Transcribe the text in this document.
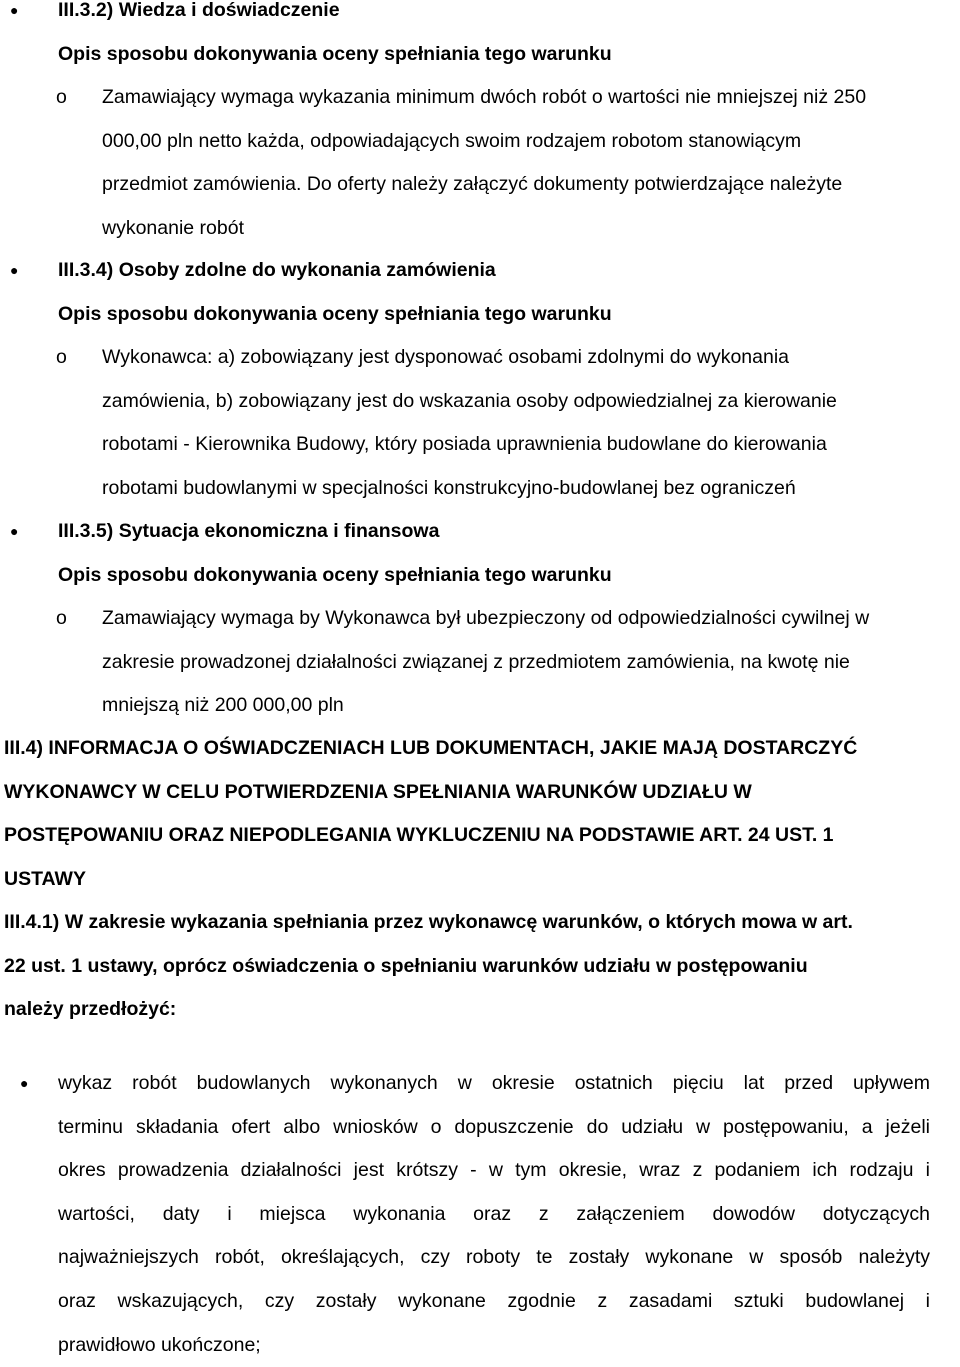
●	III.3.2) Wiedza i doświadczenie
Opis sposobu dokonywania oceny spełniania tego warunku
o	Zamawiający wymaga wykazania minimum dwóch robót o wartości nie mniejszej niż 250
000,00 pln netto każda, odpowiadających swoim rodzajem robotom stanowiącym
przedmiot zamówienia. Do oferty należy załączyć dokumenty potwierdzające należyte
wykonanie robót
●	III.3.4) Osoby zdolne do wykonania zamówienia
Opis sposobu dokonywania oceny spełniania tego warunku
o	Wykonawca: a) zobowiązany jest dysponować osobami zdolnymi do wykonania
zamówienia, b) zobowiązany jest do wskazania osoby odpowiedzialnej za kierowanie
robotami - Kierownika Budowy, który posiada uprawnienia budowlane do kierowania
robotami budowlanymi w specjalności konstrukcyjno-budowlanej bez ograniczeń
●	III.3.5) Sytuacja ekonomiczna i finansowa
Opis sposobu dokonywania oceny spełniania tego warunku
o	Zamawiający wymaga by Wykonawca był ubezpieczony od odpowiedzialności cywilnej w
zakresie prowadzonej działalności związanej z przedmiotem zamówienia, na kwotę nie
mniejszą niż 200 000,00 pln
III.4) INFORMACJA O OŚWIADCZENIACH LUB DOKUMENTACH, JAKIE MAJĄ DOSTARCZYĆ
WYKONAWCY W CELU POTWIERDZENIA SPEŁNIANIA WARUNKÓW UDZIAŁU W
POSTĘPOWANIU ORAZ NIEPODLEGANIA WYKLUCZENIU NA PODSTAWIE ART. 24 UST. 1
USTAWY
III.4.1) W zakresie wykazania spełniania przez wykonawcę warunków, o których mowa w art.
22 ust. 1 ustawy, oprócz oświadczenia o spełnianiu warunków udziału w postępowaniu
należy przedłożyć:
●	wykaz robót budowlanych wykonanych w okresie ostatnich pięciu lat przed upływem
terminu składania ofert albo wniosków o dopuszczenie do udziału w postępowaniu, a jeżeli
okres prowadzenia działalności jest krótszy - w tym okresie, wraz z podaniem ich rodzaju i
wartości, daty i miejsca wykonania oraz z załączeniem dowodów dotyczących
najważniejszych robót, określających, czy roboty te zostały wykonane w sposób należyty
oraz wskazujących, czy zostały wykonane zgodnie z zasadami sztuki budowlanej i
prawidłowo ukończone;
